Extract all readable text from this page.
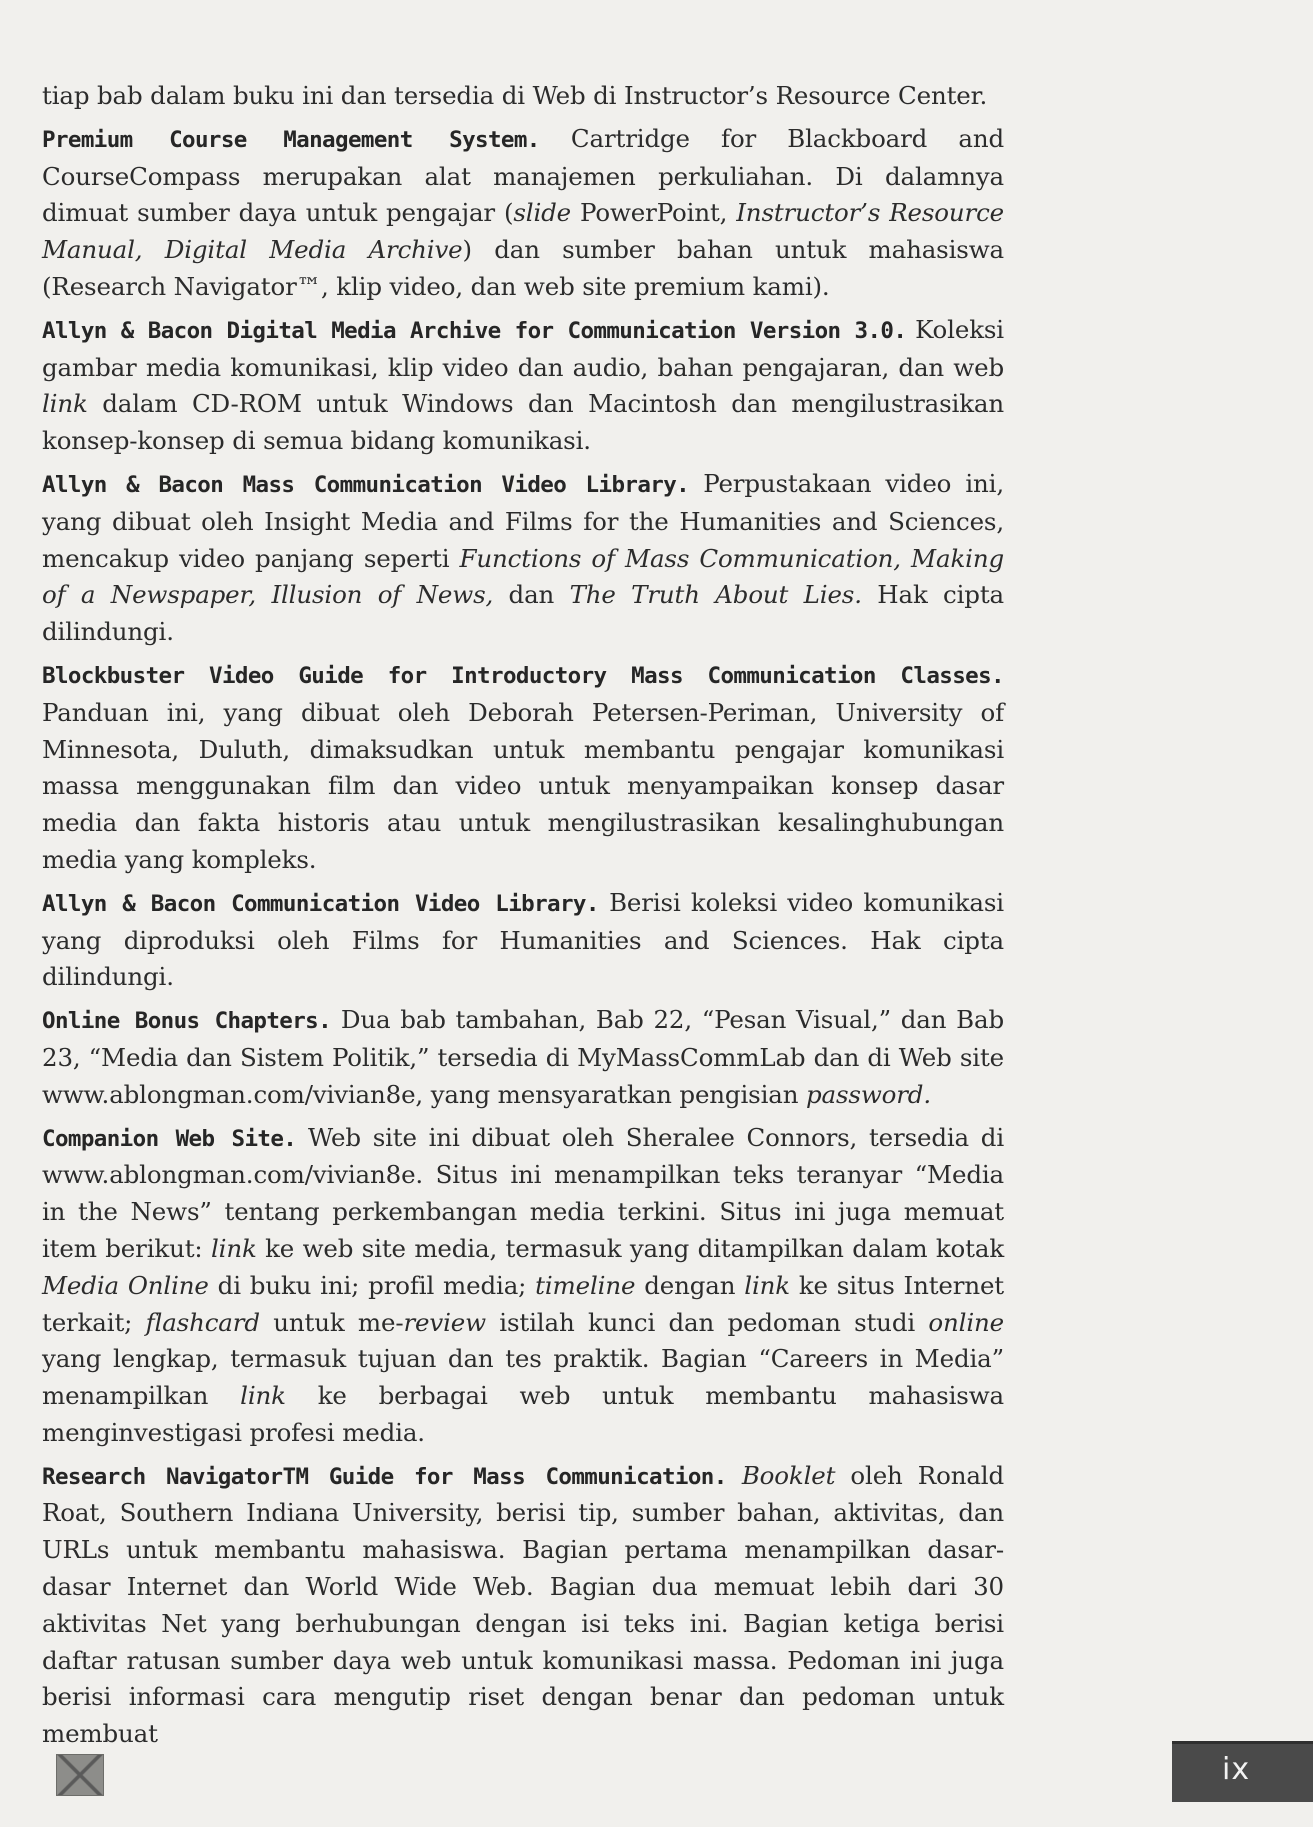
tiap bab dalam buku ini dan tersedia di Web di Instructor’s Resource Center.

Premium Course Management System. Cartridge for Blackboard and CourseCompass merupakan alat manajemen perkuliahan. Di dalamnya dimuat sumber daya untuk pengajar (slide PowerPoint, Instructor’s Resource Manual, Digital Media Archive) dan sumber bahan untuk mahasiswa (Research Navigator™, klip video, dan web site premium kami).

Allyn & Bacon Digital Media Archive for Communication Version 3.0. Koleksi gambar media komunikasi, klip video dan audio, bahan pengajaran, dan web link dalam CD-ROM untuk Windows dan Macintosh dan mengilustrasikan konsep-konsep di semua bidang komunikasi.

Allyn & Bacon Mass Communication Video Library. Perpustakaan video ini, yang dibuat oleh Insight Media and Films for the Humanities and Sciences, mencakup video panjang seperti Functions of Mass Communication, Making of a Newspaper, Illusion of News, dan The Truth About Lies. Hak cipta dilindungi.

Blockbuster Video Guide for Introductory Mass Communication Classes. Panduan ini, yang dibuat oleh Deborah Petersen-Periman, University of Minnesota, Duluth, dimaksudkan untuk membantu pengajar komunikasi massa menggunakan film dan video untuk menyampaikan konsep dasar media dan fakta historis atau untuk mengilustrasikan kesalinghubungan media yang kompleks.

Allyn & Bacon Communication Video Library. Berisi koleksi video komunikasi yang diproduksi oleh Films for Humanities and Sciences. Hak cipta dilindungi.

Online Bonus Chapters. Dua bab tambahan, Bab 22, “Pesan Visual,” dan Bab 23, “Media dan Sistem Politik,” tersedia di MyMassCommLab dan di Web site www.ablongman.com/vivian8e, yang mensyaratkan pengisian password.

Companion Web Site. Web site ini dibuat oleh Sheralee Connors, tersedia di www.ablongman.com/vivian8e. Situs ini menampilkan teks teranyar “Media in the News” tentang perkembangan media terkini. Situs ini juga memuat item berikut: link ke web site media, termasuk yang ditampilkan dalam kotak Media Online di buku ini; profil media; timeline dengan link ke situs Internet terkait; flashcard untuk me-review istilah kunci dan pedoman studi online yang lengkap, termasuk tujuan dan tes praktik. Bagian “Careers in Media” menampilkan link ke berbagai web untuk membantu mahasiswa menginvestigasi profesi media.

Research NavigatorTM Guide for Mass Communication. Booklet oleh Ronald Roat, Southern Indiana University, berisi tip, sumber bahan, aktivitas, dan URLs untuk membantu mahasiswa. Bagian pertama menampilkan dasar-dasar Internet dan World Wide Web. Bagian dua memuat lebih dari 30 aktivitas Net yang berhubungan dengan isi teks ini. Bagian ketiga berisi daftar ratusan sumber daya web untuk komunikasi massa. Pedoman ini juga berisi informasi cara mengutip riset dengan benar dan pedoman untuk membuat

ix
